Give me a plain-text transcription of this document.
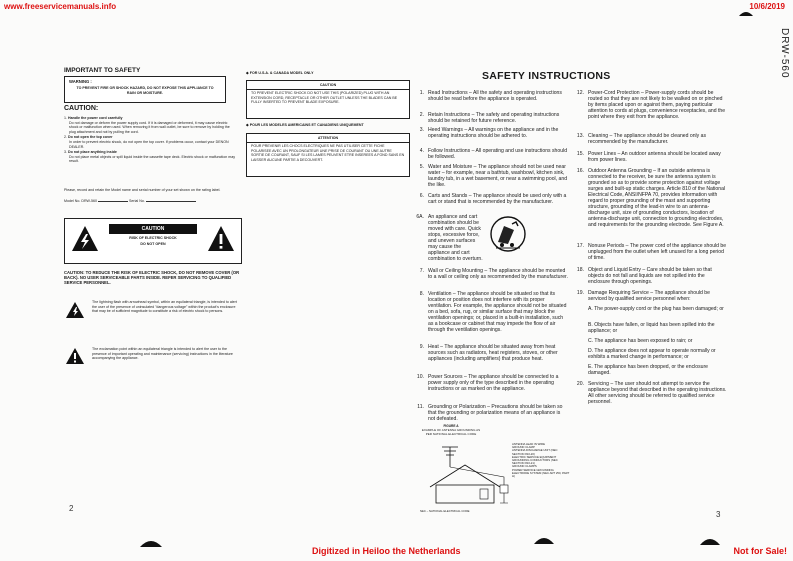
www.freeservicemanuals.info	10/6/2019
DRW-560
Digitized in Heiloo the Netherlands	Not for Sale!
IMPORTANT TO SAFETY
WARNING :
TO PREVENT FIRE OR SHOCK HAZARD, DO NOT EXPOSE THIS APPLIANCE TO RAIN OR MOISTURE.
CAUTION:
1. Handle the power cord carefully
Do not damage or deform the power supply cord. If it is damaged or deformed, it may cause electric shock or malfunction when used. When removing it from wall outlet, be sure to remove by holding the plug attachment and not by pulling the cord.
2. Do not open the top cover
In order to prevent electric shock, do not open the top cover. If problems occur, contact your DENON DEALER.
3. Do not place anything inside
Do not place metal objects or spill liquid inside the cassette tape deck. Electric shock or malfunction may result.
Please, record and retain the Model name and serial number of your set shown on the rating label.
Model No. DRW-560	Serial No.
CAUTION
RISK OF ELECTRIC SHOCK
DO NOT OPEN
CAUTION: TO REDUCE THE RISK OF ELECTRIC SHOCK, DO NOT REMOVE COVER (OR BACK). NO USER SERVICEABLE PARTS INSIDE. REFER SERVICING TO QUALIFIED SERVICE PERSONNEL.
The lightning flash with arrowhead symbol, within an equilateral triangle, is intended to alert the user of the presence of uninsulated "dangerous voltage" within the product's enclosure that may be of sufficient magnitude to constitute a risk of electric shock to persons.
The exclamation point within an equilateral triangle is intended to alert the user to the presence of important operating and maintenance (servicing) instructions in the literature accompanying the appliance.
2
◆ FOR U.S.A. & CANADA MODEL ONLY
CAUTION
TO PREVENT ELECTRIC SHOCK DO NOT USE THIS (POLARIZED) PLUG WITH AN EXTENSION CORD, RECEPTACLE OR OTHER OUTLET UNLESS THE BLADES CAN BE FULLY INSERTED TO PREVENT BLADE EXPOSURE.
◆ POUR LES MODELES AMERICAINS ET CANADIENS UNIQUEMENT
ATTENTION
POUR PREVENIR LES CHOCS ELECTRIQUES NE PAS UTILISER CETTE FICHE POLARISEE AVEC UN PROLONGATEUR UNE PRISE DE COURANT OU UNE AUTRE SORTIE DE COURANT, SAUF SI LES LAMES PEUVENT ETRE INSEREES A FOND SANS EN LAISSER AUCUNE PARTIE A DECOUVERT.
SAFETY INSTRUCTIONS
1. Read Instructions – All the safety and operating instructions should be read before the appliance is operated.
2. Retain Instructions – The safety and operating instructions should be retained for future reference.
3. Heed Warnings – All warnings on the appliance and in the operating instructions should be adhered to.
4. Follow Instructions – All operating and use instructions should be followed.
5. Water and Moisture – The appliance should not be used near water – for example, near a bathtub, washbowl, kitchen sink, laundry tub, in a wet basement, or near a swimming pool, and the like.
6. Carts and Stands – The appliance should be used only with a cart or stand that is recommended by the manufacturer.
6A. An appliance and cart combination should be moved with care. Quick stops, excessive force, and uneven surfaces may cause the appliance and cart combination to overturn.
7. Wall or Ceiling Mounting – The appliance should be mounted to a wall or ceiling only as recommended by the manufacturer.
8. Ventilation – The appliance should be situated so that its location or position does not interfere with its proper ventilation. For example, the appliance should not be situated on a bed, sofa, rug, or similar surface that may block the ventilation openings; or, placed in a built-in installation, such as a bookcase or cabinet that may impede the flow of air through the ventilation openings.
9. Heat – The appliance should be situated away from heat sources such as radiators, heat registers, stoves, or other appliances (including amplifiers) that produce heat.
10. Power Sources – The appliance should be connected to a power supply only of the type described in the operating instructions or as marked on the appliance.
11. Grounding or Polarization – Precautions should be taken so that the grounding or polarization means of an appliance is not defeated.
FIGURE A
EXAMPLE OF ANTENNA GROUNDING AS PER NATIONAL ELECTRICAL CODE
ANTENNA LEAD IN WIRE
GROUND CLAMP
ANTENNA DISCHARGE UNIT (NEC SECTION 810-20)
ELECTRIC SERVICE EQUIPMENT
GROUNDING CONDUCTORS (NEC SECTION 810-21)
GROUND CLAMPS
POWER SERVICE GROUNDING ELECTRODE SYSTEM (NEC ART 250, PART H)
NEC – NATIONAL ELECTRICAL CODE
12. Power-Cord Protection – Power-supply cords should be routed so that they are not likely to be walked on or pinched by items placed upon or against them, paying particular attention to cords at plugs, convenience receptacles, and the point where they exit from the appliance.
13. Cleaning – The appliance should be cleaned only as recommended by the manufacturer.
15. Power Lines – An outdoor antenna should be located away from power lines.
16. Outdoor Antenna Grounding – If an outside antenna is connected to the receiver, be sure the antenna system is grounded so as to provide some protection against voltage surges and built-up static charges. Article 810 of the National Electrical Code, ANSI/NFPA 70, provides information with regard to proper grounding of the mast and supporting structure, grounding of the lead-in wire to an antenna-discharge unit, size of grounding conductors, location of antenna-discharge unit, connection to grounding electrodes, and requirements for the grounding electrode. See Figure A.
17. Nonuse Periods – The power cord of the appliance should be unplugged from the outlet when left unused for a long period of time.
18. Object and Liquid Entry – Care should be taken so that objects do not fall and liquids are not spilled into the enclosure through openings.
19. Damage Requiring Service – The appliance should be serviced by qualified service personnel when:
A. The power-supply cord or the plug has been damaged; or
B. Objects have fallen, or liquid has been spilled into the appliance; or
C. The appliance has been exposed to rain; or
D. The appliance does not appear to operate normally or exhibits a marked change in performance; or
E. The appliance has been dropped, or the enclosure damaged.
20. Servicing – The user should not attempt to service the appliance beyond that described in the operating instructions. All other servicing should be referred to qualified service personnel.
3
